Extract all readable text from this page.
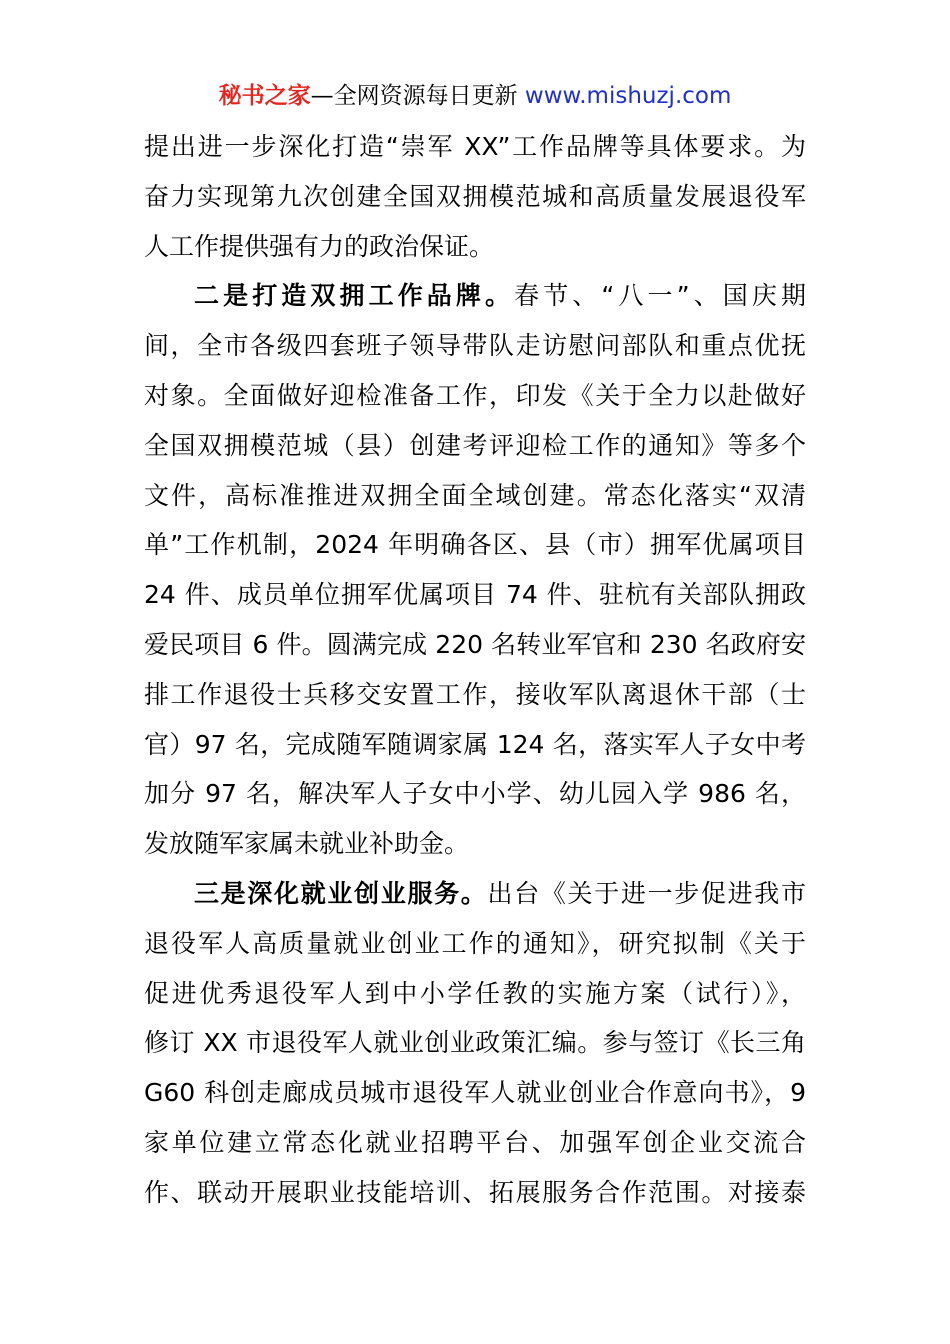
秘书之家—全网资源每日更新 www.mishuzj.com
提出进一步深化打造“崇军 XX”工作品牌等具体要求。为
奋力实现第九次创建全国双拥模范城和高质量发展退役军
人工作提供强有力的政治保证。
二是打造双拥工作品牌。春节、“八一”、国庆期
间，全市各级四套班子领导带队走访慰问部队和重点优抚
对象。全面做好迎检准备工作，印发《关于全力以赴做好
全国双拥模范城（县）创建考评迎检工作的通知》等多个
文件，高标准推进双拥全面全域创建。常态化落实“双清
单”工作机制，2024 年明确各区、县（市）拥军优属项目
24 件、成员单位拥军优属项目 74 件、驻杭有关部队拥政
爱民项目 6 件。圆满完成 220 名转业军官和 230 名政府安
排工作退役士兵移交安置工作，接收军队离退休干部（士
官）97 名，完成随军随调家属 124 名，落实军人子女中考
加分 97 名，解决军人子女中小学、幼儿园入学 986 名，
发放随军家属未就业补助金。
三是深化就业创业服务。出台《关于进一步促进我市
退役军人高质量就业创业工作的通知》，研究拟制《关于
促进优秀退役军人到中小学任教的实施方案（试行）》，
修订 XX 市退役军人就业创业政策汇编。参与签订《长三角
G60 科创走廊成员城市退役军人就业创业合作意向书》，9
家单位建立常态化就业招聘平台、加强军创企业交流合
作、联动开展职业技能培训、拓展服务合作范围。对接泰
